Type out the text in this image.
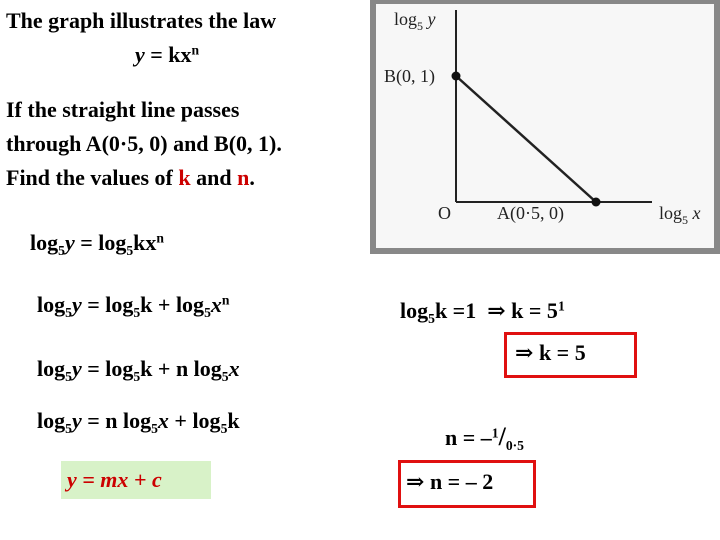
The graph illustrates the law
$y = kx^n$
If the straight line passes
through A(0·5, 0) and B(0, 1).
Find the values of k and n.
$\log_5 y$
B(0, 1)
O	A(0·5, 0)	$\log_5 x$
$\log_5y = \log_5kx^n$
$\log_5y = \log_5k + \log_5x^n$
$\log_5y = \log_5k + n$ $\log_5x$
$\log_5y = n$ $\log_5x + \log_5k$
y = mx + c
$\log_5k =1$ ⇒ $k = 5^1$
⇒ k = 5
$n = -^1/_{0\cdot 5}$
⇒ n = – 2
